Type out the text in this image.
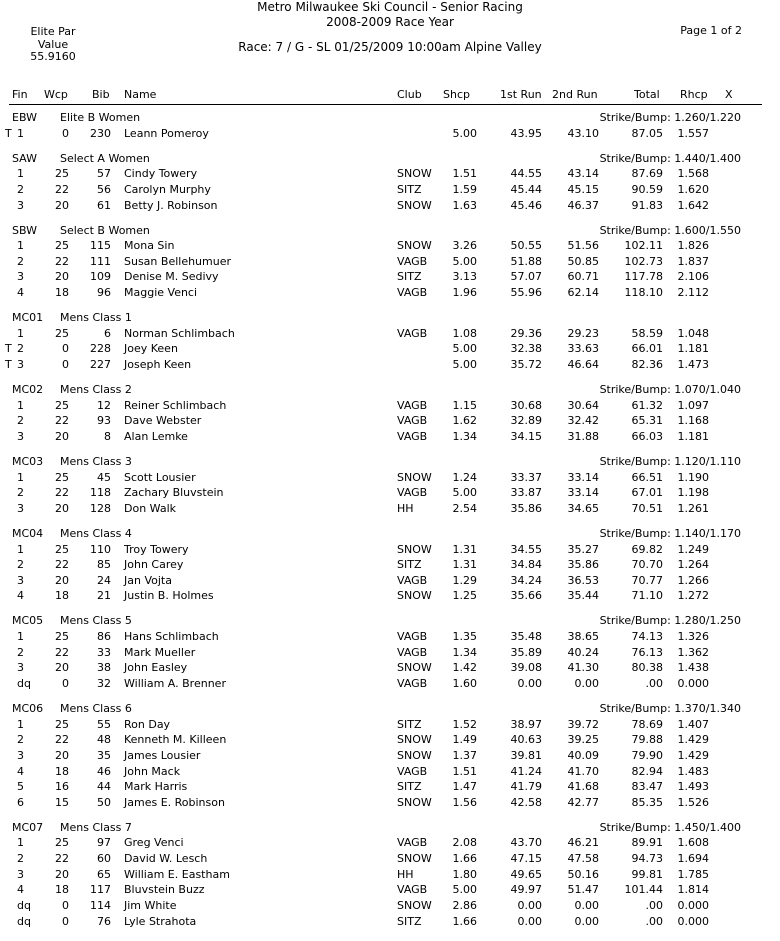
Metro Milwaukee Ski Council - Senior Racing
2008-2009 Race Year
Race: 7 / G - SL 01/25/2009 10:00am Alpine Valley
Page 1 of 2
Elite Par
Value
55.9160
Fin Wcp Bib Name	Club Shcp	1st Run 2nd Run	Total Rhcp X
EBW Elite B Women	Strike/Bump: 1.260/1.220
T 1	0 230 Leann Pomeroy	5.00	43.95 43.10	87.05 1.557
SAW Select A Women	Strike/Bump: 1.440/1.400
1	25	57 Cindy Towery	SNOW 1.51	44.55 43.14	87.69 1.568
2	22	56 Carolyn Murphy	SITZ	1.59	45.44 45.15	90.59 1.620
3	20	61 Betty J. Robinson	SNOW 1.63	45.46 46.37	91.83 1.642
SBW Select B Women	Strike/Bump: 1.600/1.550
1	25 115 Mona Sin	SNOW 3.26	50.55 51.56 102.11 1.826
2	22 111 Susan Bellehumuer	VAGB 5.00	51.88 50.85 102.73 1.837
3	20 109 Denise M. Sedivy	SITZ	3.13	57.07 60.71 117.78 2.106
4	18	96 Maggie Venci	VAGB 1.96	55.96 62.14 118.10 2.112
MC01 Mens Class 1
1	25	6 Norman Schlimbach	VAGB 1.08	29.36 29.23	58.59 1.048
T 2	0 228 Joey Keen	5.00	32.38 33.63	66.01 1.181
T 3	0 227 Joseph Keen	5.00	35.72 46.64	82.36 1.473
MC02 Mens Class 2	Strike/Bump: 1.070/1.040
1	25	12 Reiner Schlimbach	VAGB 1.15	30.68 30.64	61.32 1.097
2	22	93 Dave Webster	VAGB 1.62	32.89 32.42	65.31 1.168
3	20	8 Alan Lemke	VAGB 1.34	34.15 31.88	66.03 1.181
MC03 Mens Class 3	Strike/Bump: 1.120/1.110
1	25	45 Scott Lousier	SNOW 1.24	33.37 33.14	66.51 1.190
2	22 118 Zachary Bluvstein	VAGB 5.00	33.87 33.14	67.01 1.198
3	20 128 Don Walk	HH	2.54	35.86 34.65	70.51 1.261
MC04 Mens Class 4	Strike/Bump: 1.140/1.170
1	25 110 Troy Towery	SNOW 1.31	34.55 35.27	69.82 1.249
2	22	85 John Carey	SITZ	1.31	34.84 35.86	70.70 1.264
3	20	24 Jan Vojta	VAGB 1.29	34.24 36.53	70.77 1.266
4	18	21 Justin B. Holmes	SNOW 1.25	35.66 35.44	71.10 1.272
MC05 Mens Class 5	Strike/Bump: 1.280/1.250
1	25	86 Hans Schlimbach	VAGB 1.35	35.48 38.65	74.13 1.326
2	22	33 Mark Mueller	VAGB 1.34	35.89 40.24	76.13 1.362
3	20	38 John Easley	SNOW 1.42	39.08 41.30	80.38 1.438
dq	0	32 William A. Brenner	VAGB 1.60	0.00	0.00	.00 0.000
MC06 Mens Class 6	Strike/Bump: 1.370/1.340
1	25	55 Ron Day	SITZ	1.52	38.97 39.72	78.69 1.407
2	22	48 Kenneth M. Killeen	SNOW 1.49	40.63 39.25	79.88 1.429
3	20	35 James Lousier	SNOW 1.37	39.81 40.09	79.90 1.429
4	18	46 John Mack	VAGB 1.51	41.24 41.70	82.94 1.483
5	16	44 Mark Harris	SITZ	1.47	41.79 41.68	83.47 1.493
6	15	50 James E. Robinson	SNOW 1.56	42.58 42.77	85.35 1.526
MC07 Mens Class 7	Strike/Bump: 1.450/1.400
1	25	97 Greg Venci	VAGB 2.08	43.70 46.21	89.91 1.608
2	22	60 David W. Lesch	SNOW 1.66	47.15 47.58	94.73 1.694
3	20	65 William E. Eastham	HH	1.80	49.65 50.16	99.81 1.785
4	18 117 Bluvstein Buzz	VAGB 5.00	49.97 51.47 101.44 1.814
dq	0 114 Jim White	SNOW 2.86	0.00	0.00	.00 0.000
dq	0	76 Lyle Strahota	SITZ	1.66	0.00	0.00	.00 0.000
